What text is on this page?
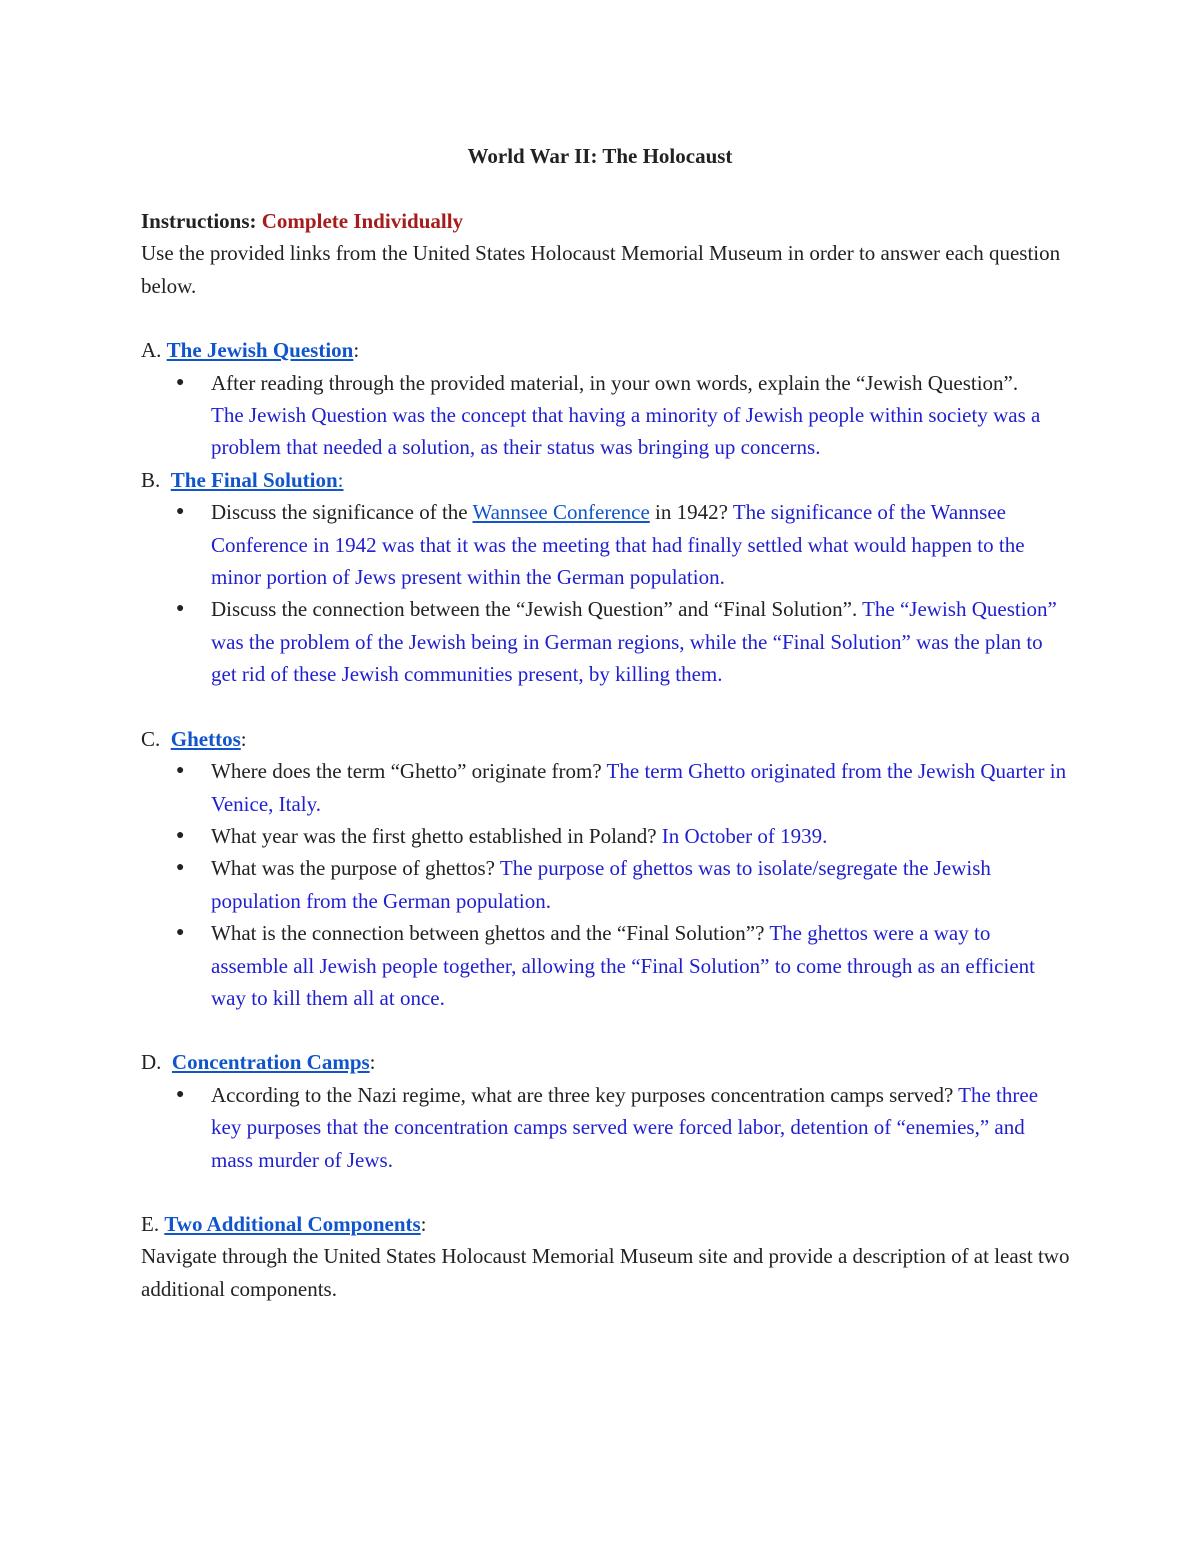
World War II: The Holocaust

Instructions: Complete Individually

Use the provided links from the United States Holocaust Memorial Museum in order to answer each question below.

A. The Jewish Question:

● After reading through the provided material, in your own words, explain the “Jewish Question”.
The Jewish Question was the concept that having a minority of Jewish people within society was a problem that needed a solution, as their status was bringing up concerns.

B. The Final Solution:

● Discuss the significance of the Wannsee Conference in 1942? The significance of the Wannsee Conference in 1942 was that it was the meeting that had finally settled what would happen to the minor portion of Jews present within the German population.
● Discuss the connection between the “Jewish Question” and “Final Solution”. The “Jewish Question” was the problem of the Jewish being in German regions, while the “Final Solution” was the plan to get rid of these Jewish communities present, by killing them.

C. Ghettos:

● Where does the term “Ghetto” originate from? The term Ghetto originated from the Jewish Quarter in Venice, Italy.
● What year was the first ghetto established in Poland? In October of 1939.
● What was the purpose of ghettos? The purpose of ghettos was to isolate/segregate the Jewish population from the German population.
● What is the connection between ghettos and the “Final Solution”? The ghettos were a way to assemble all Jewish people together, allowing the “Final Solution” to come through as an efficient way to kill them all at once.

D. Concentration Camps:

● According to the Nazi regime, what are three key purposes concentration camps served? The three key purposes that the concentration camps served were forced labor, detention of “enemies,” and mass murder of Jews.

E. Two Additional Components:

Navigate through the United States Holocaust Memorial Museum site and provide a description of at least two additional components.
